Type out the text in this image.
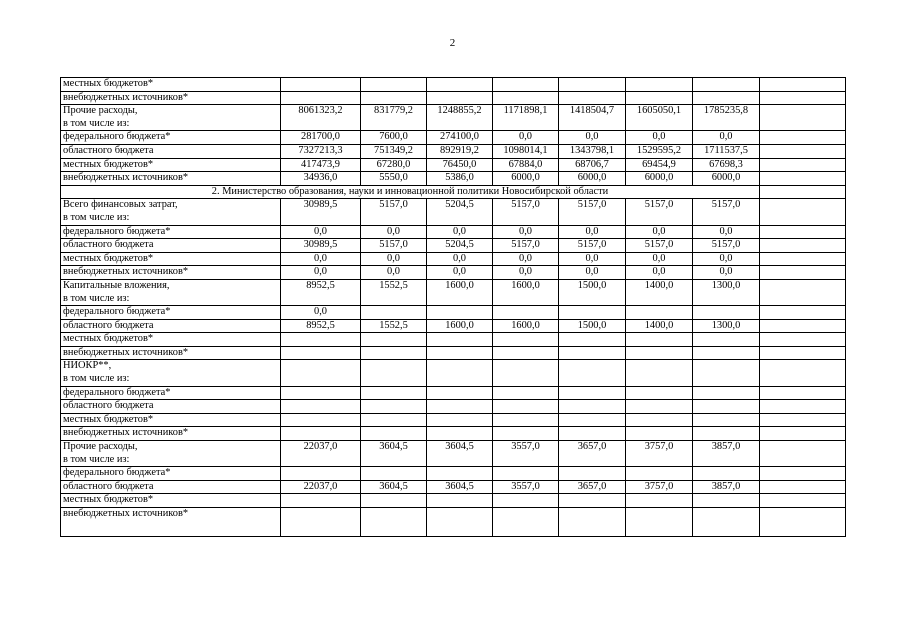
2
местных бюджетов*								

внебюджетных источников*								

Прочие расходы,
в том числе из:	8061323,2	831779,2	1248855,2	1171898,1	1418504,7	1605050,1	1785235,8	

федерального бюджета*	281700,0	7600,0	274100,0	0,0	0,0	0,0	0,0	

областного бюджета	7327213,3	751349,2	892919,2	1098014,1	1343798,1	1529595,2	1711537,5	

местных бюджетов*	417473,9	67280,0	76450,0	67884,0	68706,7	69454,9	67698,3	

внебюджетных источников*	34936,0	5550,0	5386,0	6000,0	6000,0	6000,0	6000,0	
2. Министерство образования, науки и инновационной политики Новосибирской области								

Всего финансовых затрат,
в том числе из:	30989,5	5157,0	5204,5	5157,0	5157,0	5157,0	5157,0	

федерального бюджета*	0,0	0,0	0,0	0,0	0,0	0,0	0,0	

областного бюджета	30989,5	5157,0	5204,5	5157,0	5157,0	5157,0	5157,0	

местных бюджетов*	0,0	0,0	0,0	0,0	0,0	0,0	0,0	

внебюджетных источников*	0,0	0,0	0,0	0,0	0,0	0,0	0,0	

Капитальные вложения,
в том числе из:	8952,5	1552,5	1600,0	1600,0	1500,0	1400,0	1300,0	

федерального бюджета*	0,0							

областного бюджета	8952,5	1552,5	1600,0	1600,0	1500,0	1400,0	1300,0	

местных бюджетов*								

внебюджетных источников*								

НИОКР**,
в том числе из:								

федерального бюджета*								

областного бюджета								

местных бюджетов*								

внебюджетных источников*								

Прочие расходы,
в том числе из:	22037,0	3604,5	3604,5	3557,0	3657,0	3757,0	3857,0	

федерального бюджета*								

областного бюджета	22037,0	3604,5	3604,5	3557,0	3657,0	3757,0	3857,0	

местных бюджетов*								

внебюджетных источников*								
